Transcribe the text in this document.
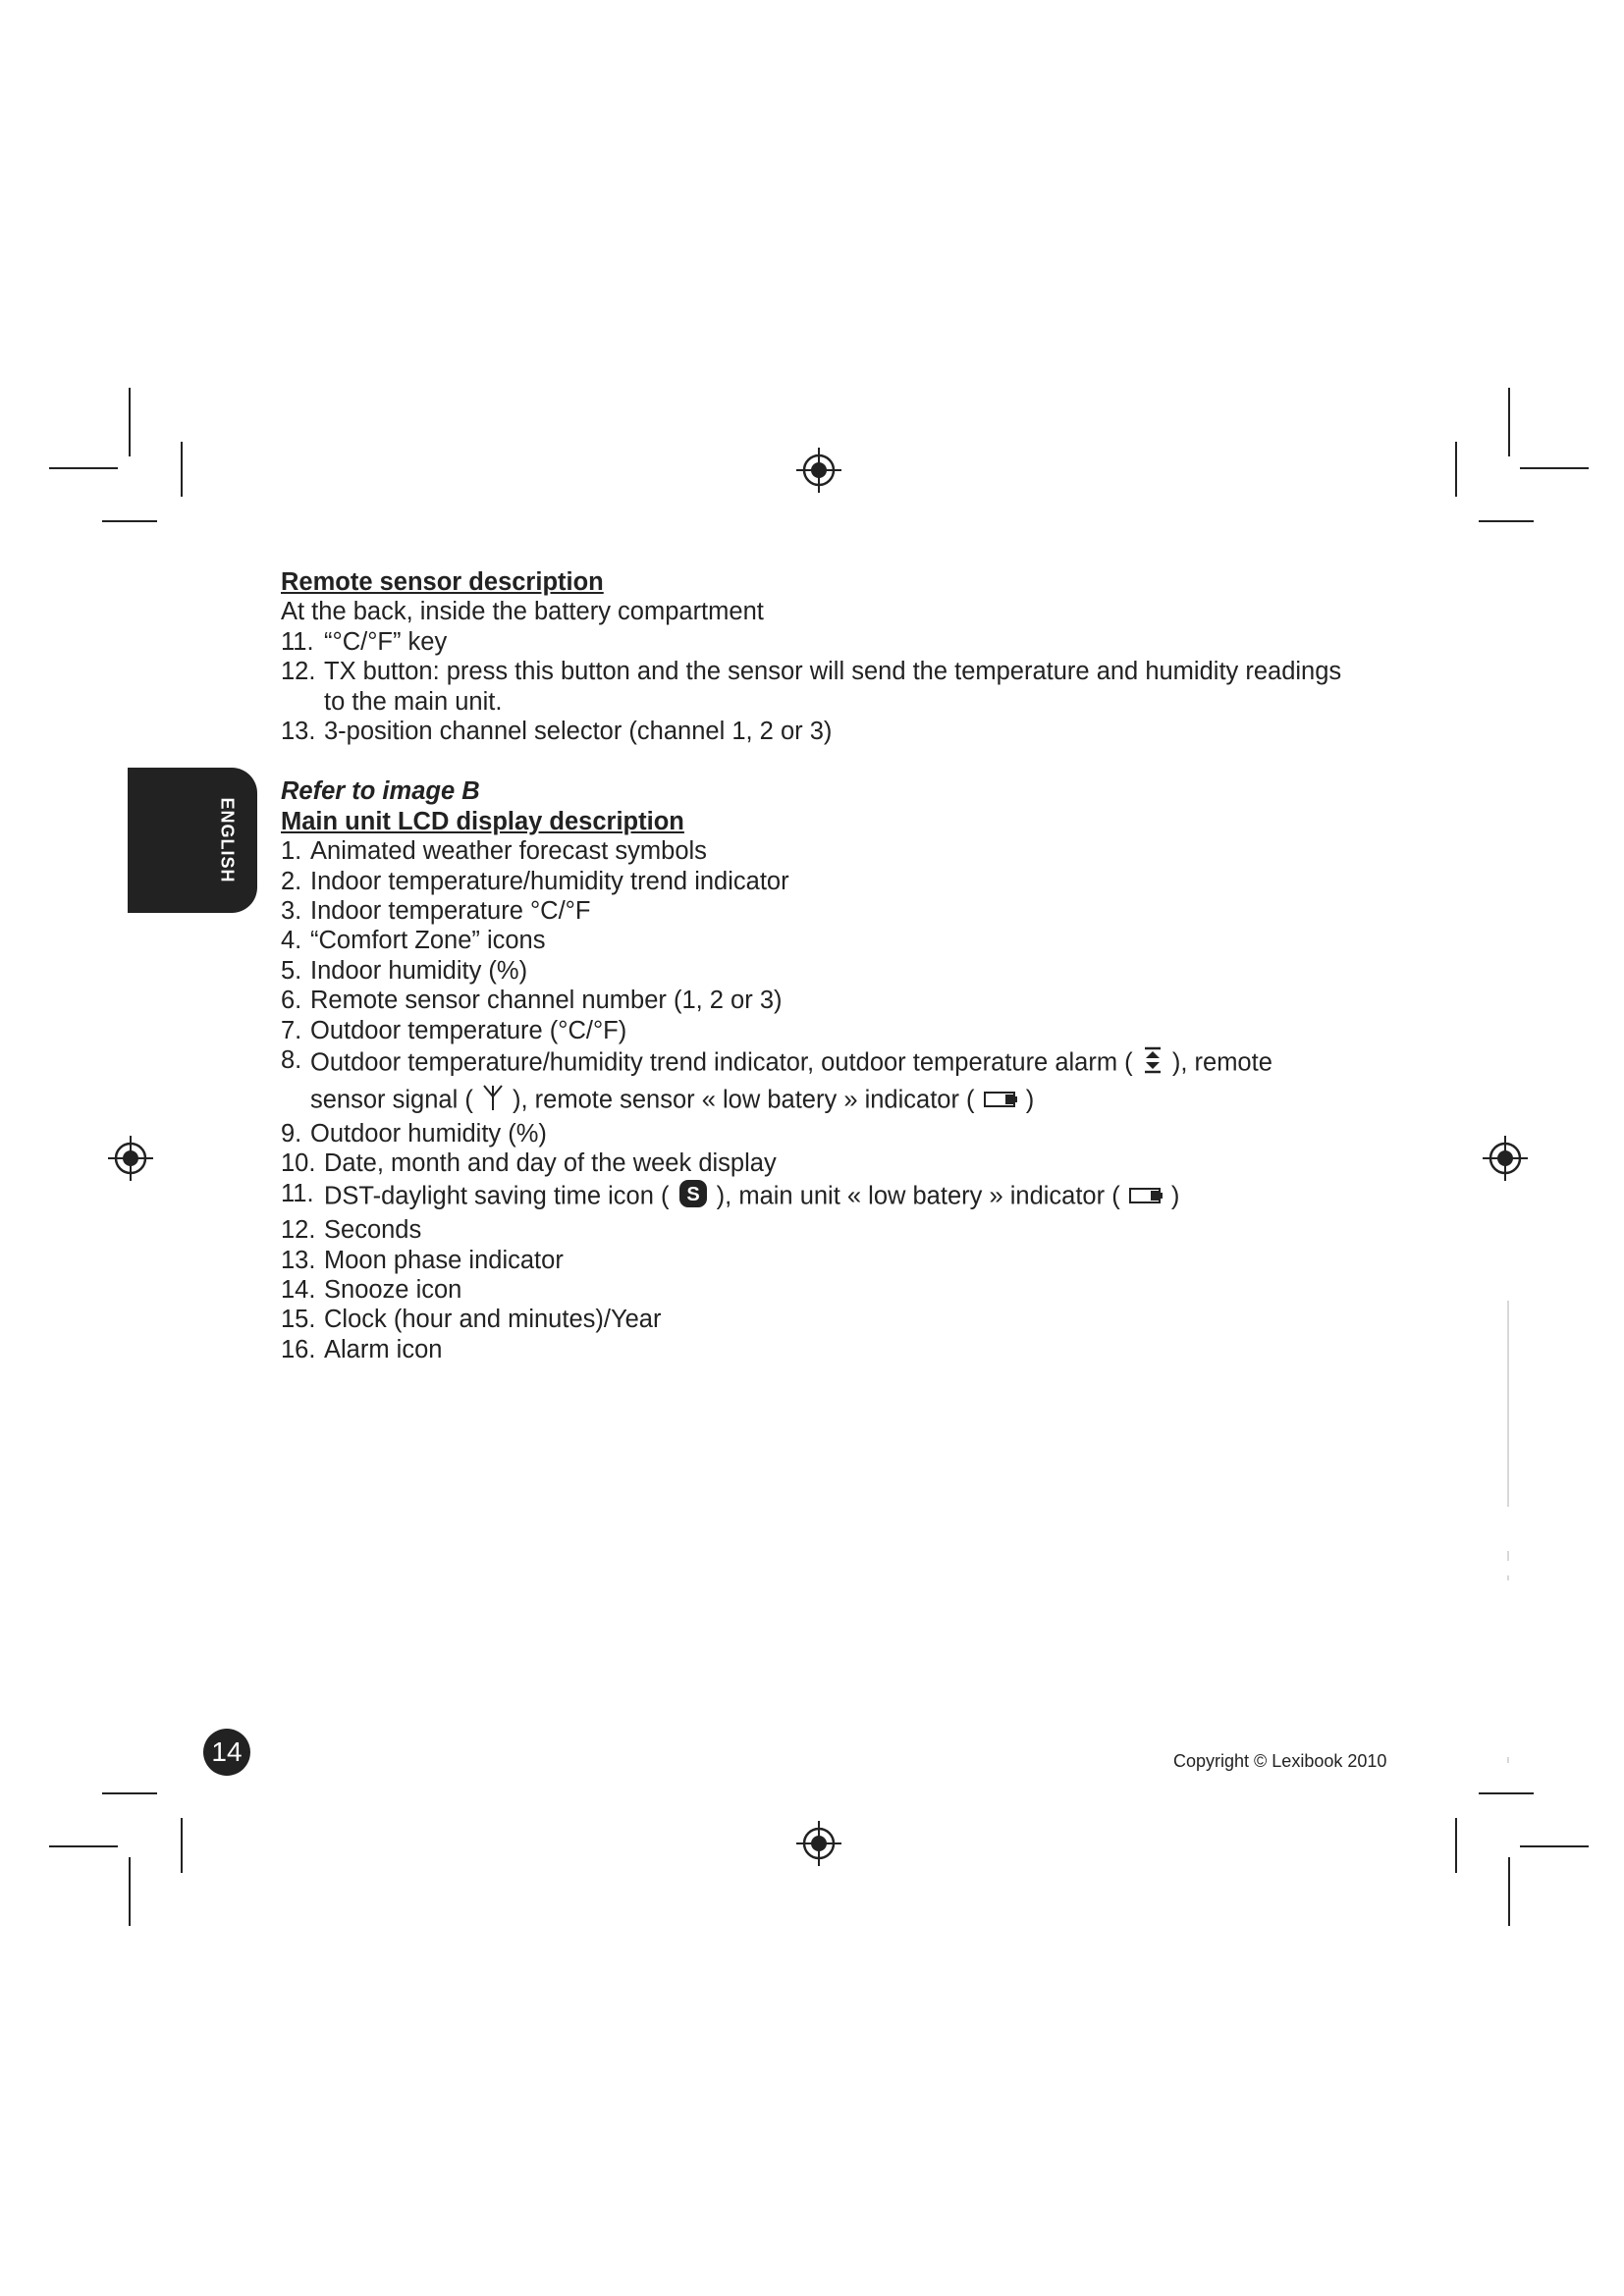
ENGLISH
Remote sensor description
At the back, inside the battery compartment
11. “°C/°F” key
12. TX button: press this button and the sensor will send the temperature and humidity readings
to the main unit.
13. 3-position channel selector (channel 1, 2 or 3)
Refer to image B
Main unit LCD display description
1. Animated weather forecast symbols
2. Indoor temperature/humidity trend indicator
3. Indoor temperature °C/°F
4. “Comfort Zone” icons
5. Indoor humidity (%)
6. Remote sensor channel number (1, 2 or 3)
7. Outdoor temperature (°C/°F)
8. Outdoor temperature/humidity trend indicator, outdoor temperature alarm ( ), remote
sensor signal ( ), remote sensor « low batery » indicator ( )
9. Outdoor humidity (%)
10. Date, month and day of the week display
11. DST-daylight saving time icon ( S ), main unit « low batery » indicator ( )
12. Seconds
13. Moon phase indicator
14. Snooze icon
15. Clock (hour and minutes)/Year
16. Alarm icon
14	Copyright © Lexibook 2010
